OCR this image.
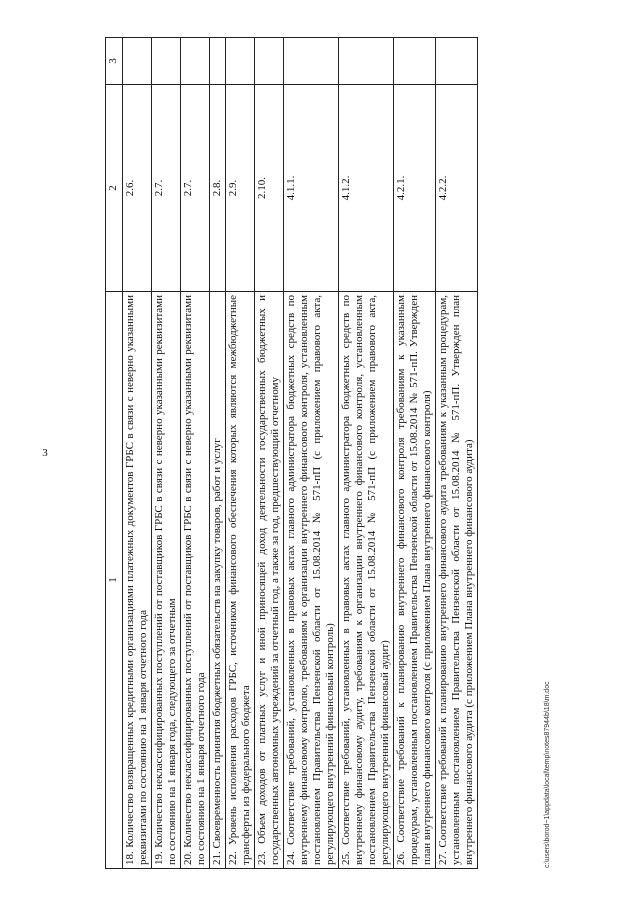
3
1	2	3
18. Количество возвращенных кредитными организациями платежных документов ГРБС в связи с неверно указанными реквизитами по состоянию на 1 января отчетного года	2.6.	
19. Количество неклассифицированных поступлений от поставщиков ГРБС в связи с неверно указанными реквизитами по состоянию на 1 января года, следующего за отчетным	2.7.	
20. Количество неклассифицированных поступлений от поставщиков ГРБС в связи с неверно указанными реквизитами по состоянию на 1 января отчетного года	2.7.	
21. Своевременность принятия бюджетных обязательств на закупку товаров, работ и услуг	2.8.	
22. Уровень исполнения расходов ГРБС, источником финансового обеспечения которых являются межбюджетные трансферты из федерального бюджета	2.9.	
23. Объем доходов от платных услуг и иной приносящей доход деятельности государственных бюджетных и государственных автономных учреждений за отчетный год, а также за год, предшествующий отчетному	2.10.	
24. Соответствие требований, установленных в правовых актах главного администратора бюджетных средств по внутреннему финансовому контролю, требованиям к организации внутреннего финансового контроля, установленным постановлением Правительства Пензенской области от 15.08.2014 № 571-пП (с приложением правового акта, регулирующего внутренний финансовый контроль)	4.1.1.	
25. Соответствие требований, установленных в правовых актах главного администратора бюджетных средств по внутреннему финансовому аудиту, требованиям к организации внутреннего финансового контроля, установленным постановлением Правительства Пензенской области от 15.08.2014 № 571-пП (с приложением правового акта, регулирующего внутренний финансовый аудит)	4.1.2.	
26. Соответствие требований к планированию внутреннего финансового контроля требованиям к указанным процедурам, установленным постановлением Правительства Пензенской области от 15.08.2014 № 571-пП. Утвержден план внутреннего финансового контроля (с приложением Плана внутреннего финансового контроля)	4.2.1.	
27. Соответствие требований к планированию внутреннего финансового аудита требованиям к указанным процедурам, установленным постановлением Правительства Пензенской области от 15.08.2014 № 571-пП. Утвержден план внутреннего финансового аудита (с приложением Плана внутреннего финансового аудита)	4.2.2.	
c:\users\borod~1\appdata\local\temp\notes87944b\18\m.doc
